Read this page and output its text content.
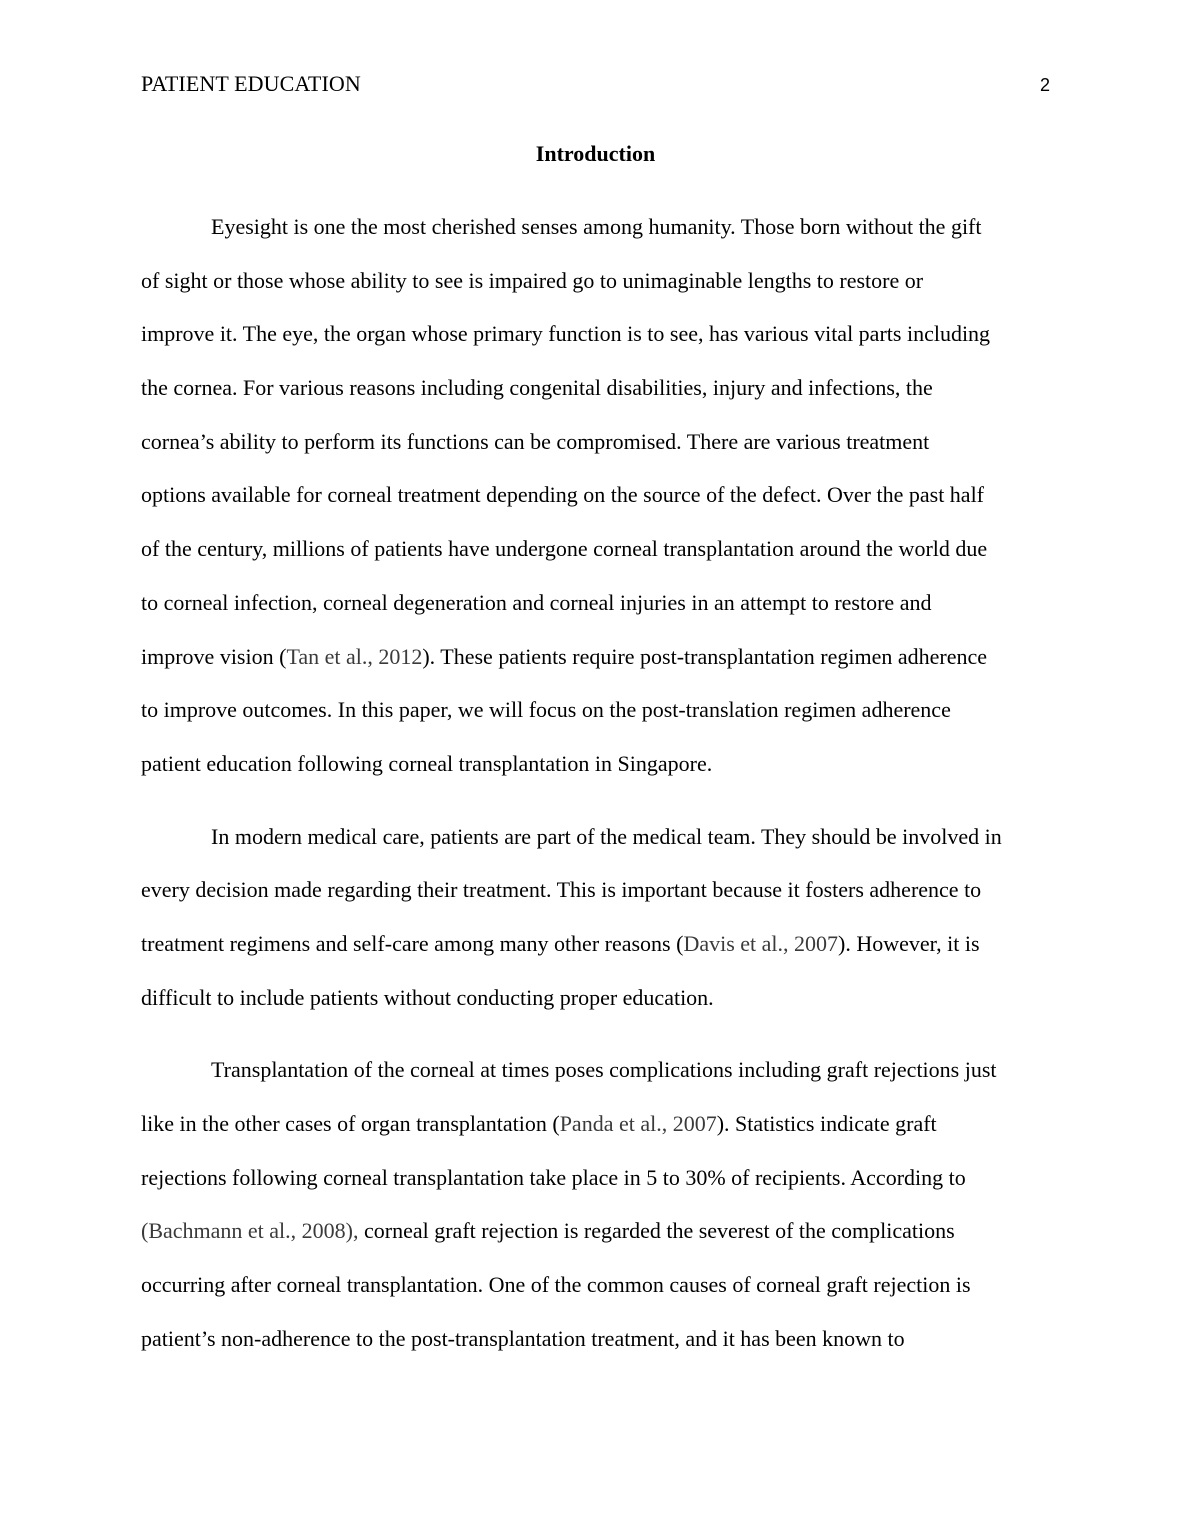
PATIENT EDUCATION	2
Introduction
Eyesight is one the most cherished senses among humanity. Those born without the gift
of sight or those whose ability to see is impaired go to unimaginable lengths to restore or
improve it. The eye, the organ whose primary function is to see, has various vital parts including
the cornea. For various reasons including congenital disabilities, injury and infections, the
cornea’s ability to perform its functions can be compromised. There are various treatment
options available for corneal treatment depending on the source of the defect. Over the past half
of the century, millions of patients have undergone corneal transplantation around the world due
to corneal infection, corneal degeneration and corneal injuries in an attempt to restore and
improve vision (Tan et al., 2012). These patients require post-transplantation regimen adherence
to improve outcomes. In this paper, we will focus on the post-translation regimen adherence
patient education following corneal transplantation in Singapore.
In modern medical care, patients are part of the medical team. They should be involved in
every decision made regarding their treatment. This is important because it fosters adherence to
treatment regimens and self-care among many other reasons (Davis et al., 2007). However, it is
difficult to include patients without conducting proper education.
Transplantation of the corneal at times poses complications including graft rejections just
like in the other cases of organ transplantation (Panda et al., 2007). Statistics indicate graft
rejections following corneal transplantation take place in 5 to 30% of recipients. According to
(Bachmann et al., 2008), corneal graft rejection is regarded the severest of the complications
occurring after corneal transplantation. One of the common causes of corneal graft rejection is
patient’s non-adherence to the post-transplantation treatment, and it has been known to
